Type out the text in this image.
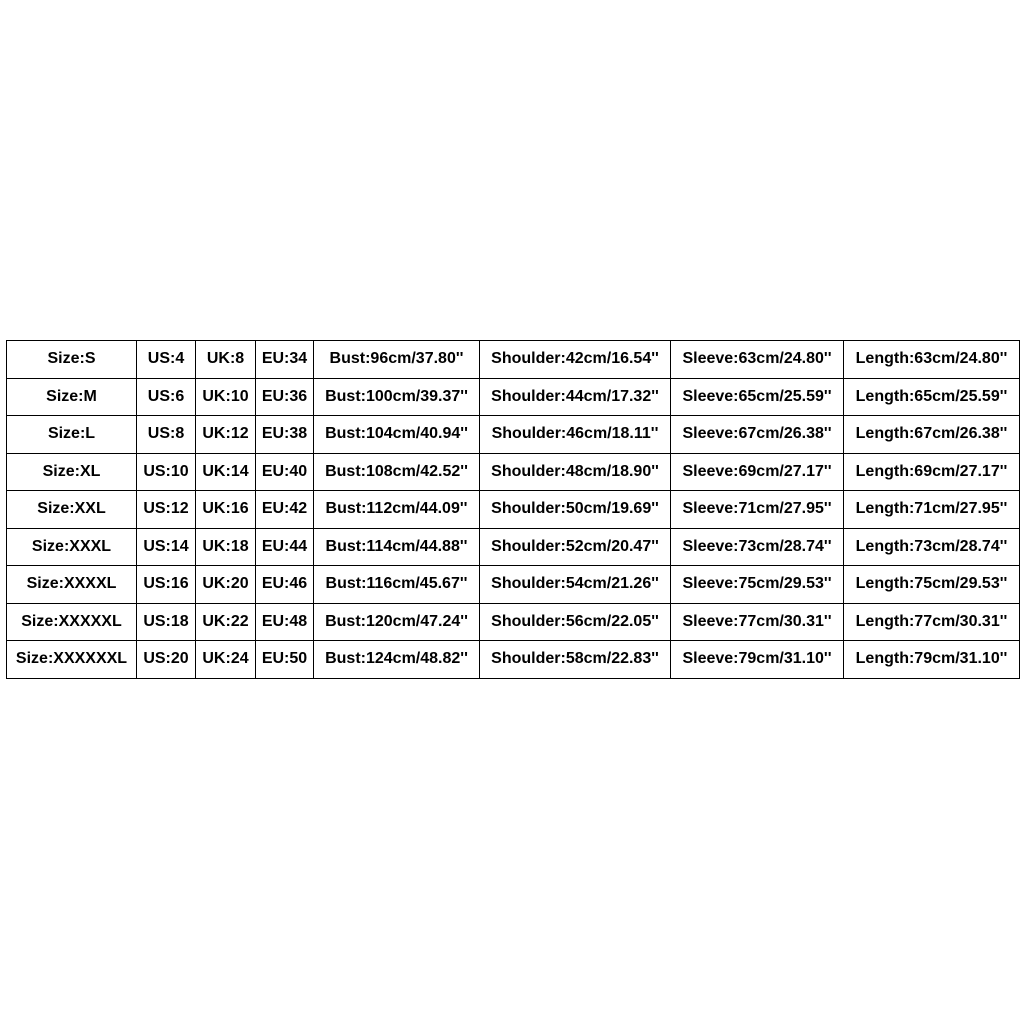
Size:S	US:4	UK:8	EU:34	Bust:96cm/37.80''	Shoulder:42cm/16.54''	Sleeve:63cm/24.80''	Length:63cm/24.80''
Size:M	US:6	UK:10	EU:36	Bust:100cm/39.37''	Shoulder:44cm/17.32''	Sleeve:65cm/25.59''	Length:65cm/25.59''
Size:L	US:8	UK:12	EU:38	Bust:104cm/40.94''	Shoulder:46cm/18.11''	Sleeve:67cm/26.38''	Length:67cm/26.38''
Size:XL	US:10	UK:14	EU:40	Bust:108cm/42.52''	Shoulder:48cm/18.90''	Sleeve:69cm/27.17''	Length:69cm/27.17''
Size:XXL	US:12	UK:16	EU:42	Bust:112cm/44.09''	Shoulder:50cm/19.69''	Sleeve:71cm/27.95''	Length:71cm/27.95''
Size:XXXL	US:14	UK:18	EU:44	Bust:114cm/44.88''	Shoulder:52cm/20.47''	Sleeve:73cm/28.74''	Length:73cm/28.74''
Size:XXXXL	US:16	UK:20	EU:46	Bust:116cm/45.67''	Shoulder:54cm/21.26''	Sleeve:75cm/29.53''	Length:75cm/29.53''
Size:XXXXXL	US:18	UK:22	EU:48	Bust:120cm/47.24''	Shoulder:56cm/22.05''	Sleeve:77cm/30.31''	Length:77cm/30.31''
Size:XXXXXXL	US:20	UK:24	EU:50	Bust:124cm/48.82''	Shoulder:58cm/22.83''	Sleeve:79cm/31.10''	Length:79cm/31.10''
